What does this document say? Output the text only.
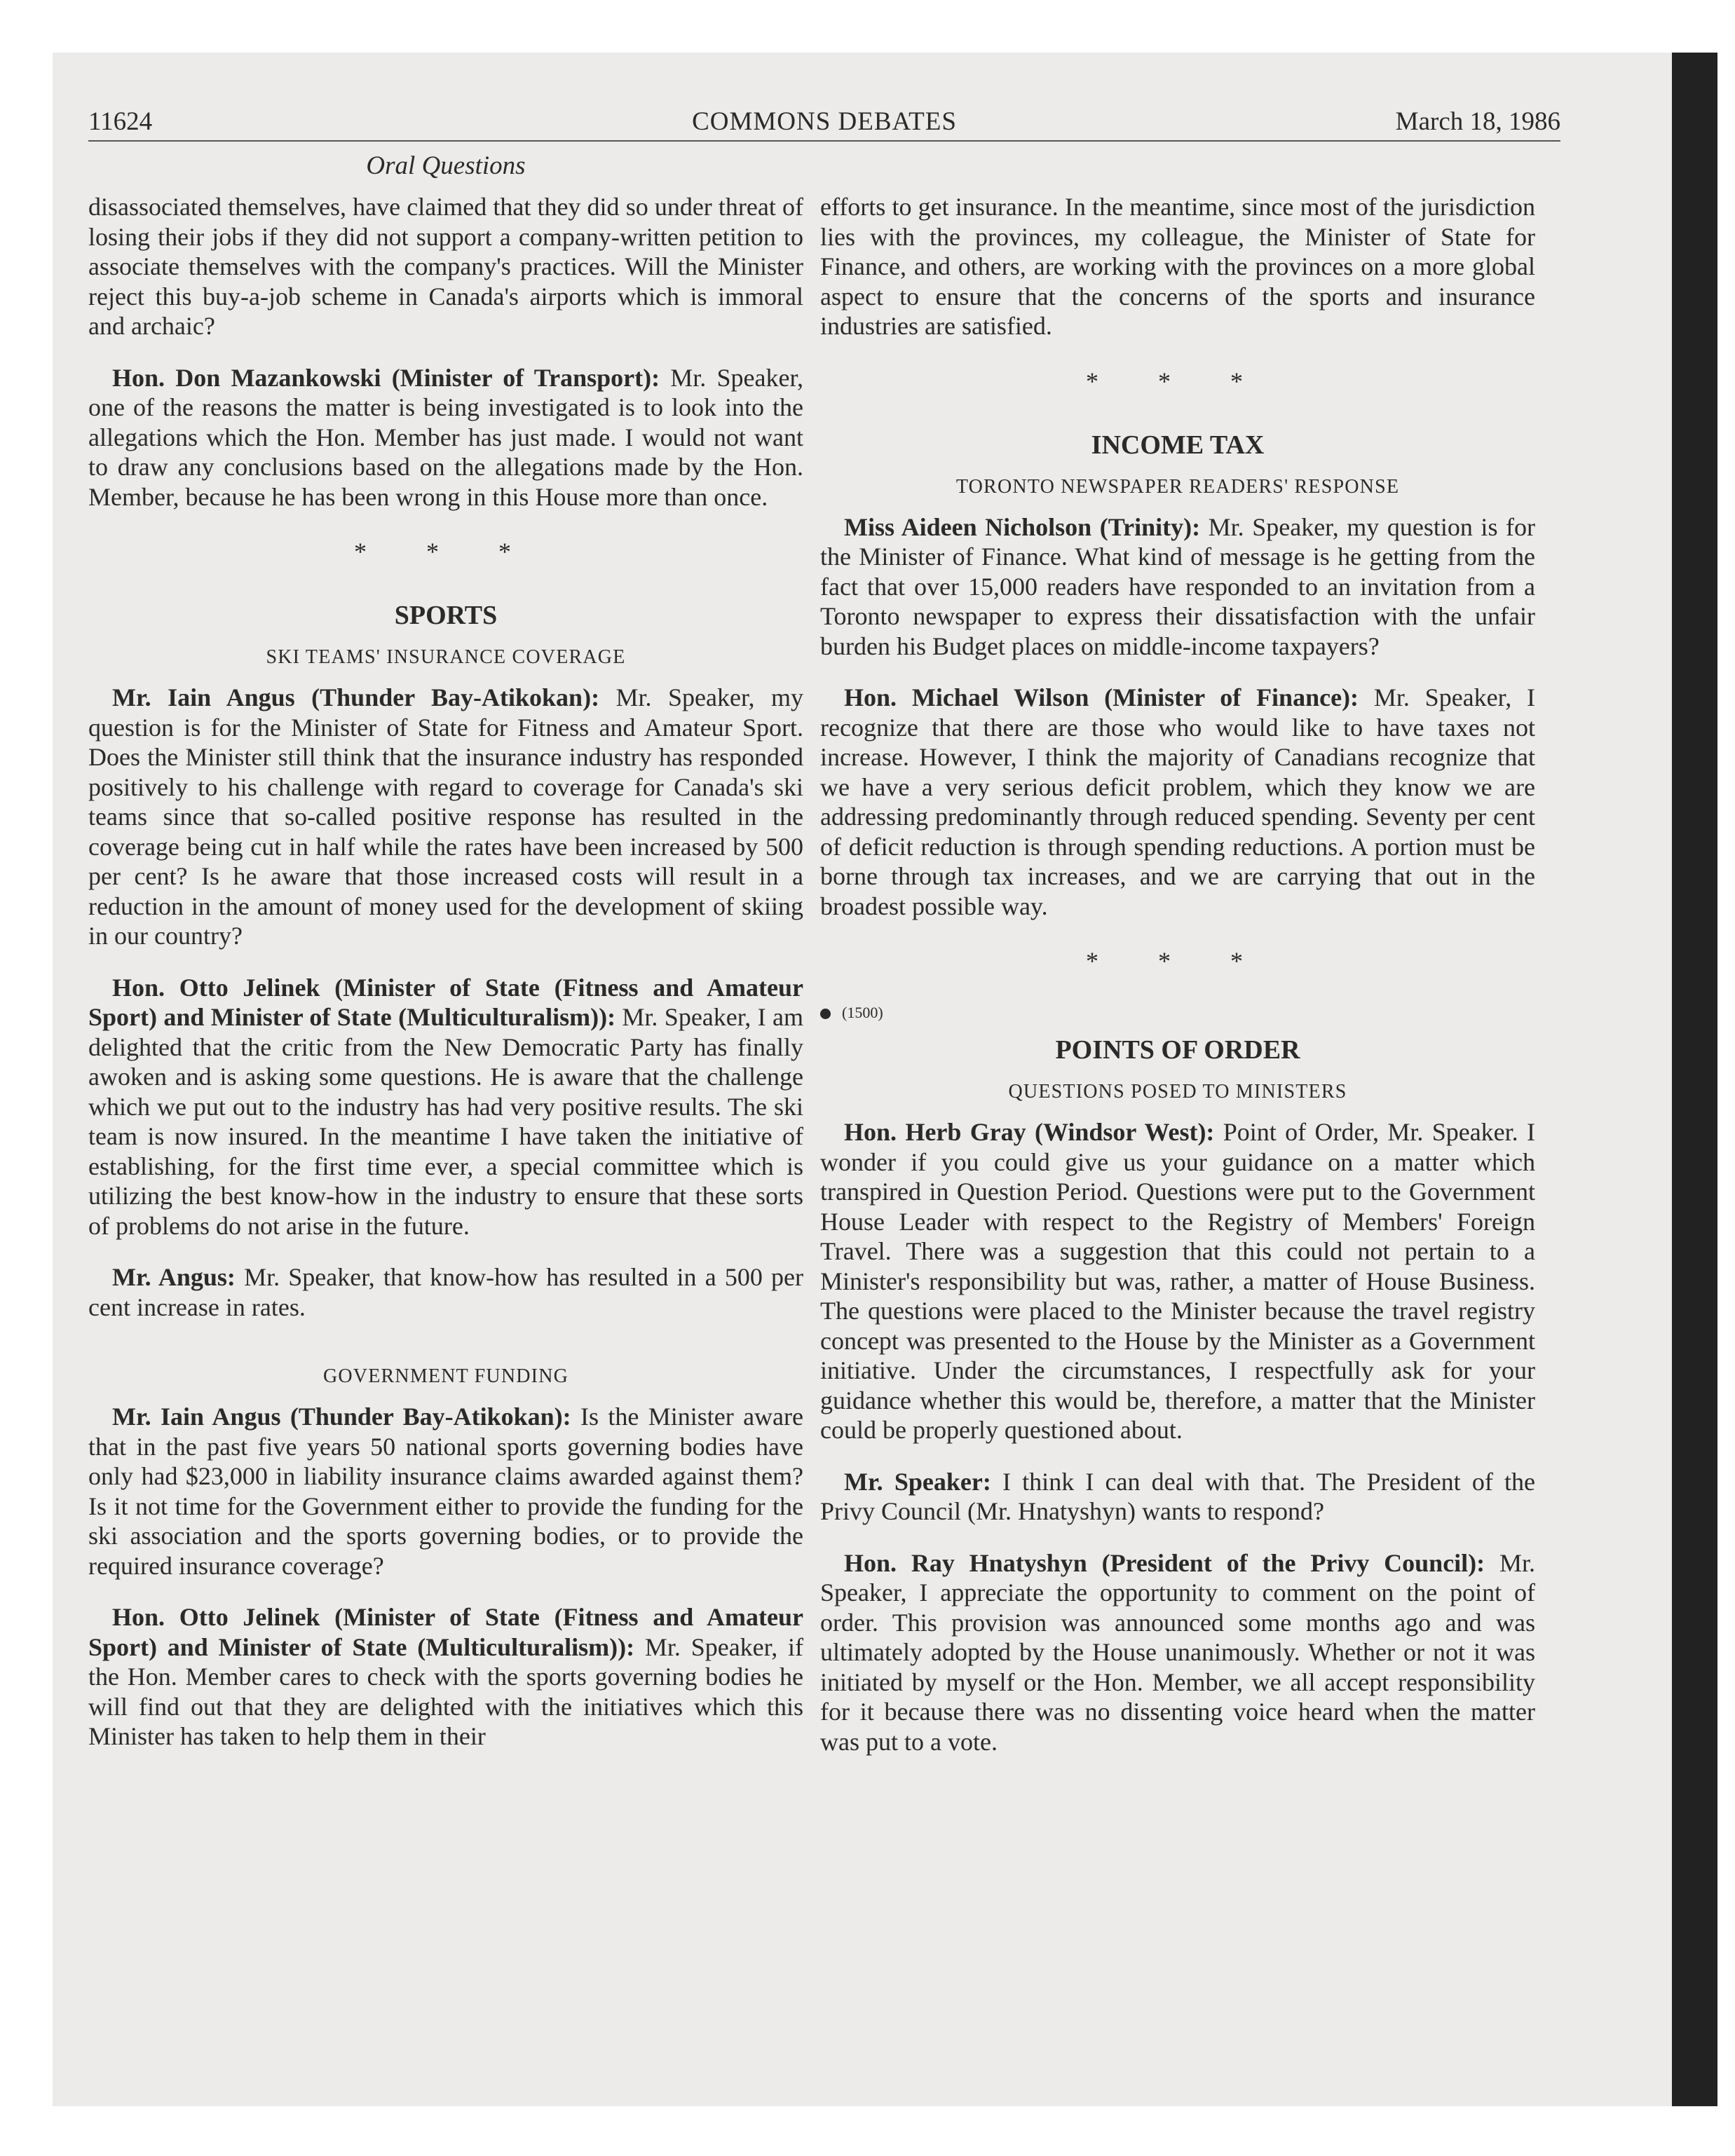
11624	COMMONS DEBATES	March 18, 1986
Oral Questions

disassociated themselves, have claimed that they did so under threat of losing their jobs if they did not support a company-written petition to associate themselves with the company's practices. Will the Minister reject this buy-a-job scheme in Canada's airports which is immoral and archaic?

Hon. Don Mazankowski (Minister of Transport): Mr. Speaker, one of the reasons the matter is being investigated is to look into the allegations which the Hon. Member has just made. I would not want to draw any conclusions based on the allegations made by the Hon. Member, because he has been wrong in this House more than once.

* * *
SPORTS
SKI TEAMS' INSURANCE COVERAGE

Mr. Iain Angus (Thunder Bay-Atikokan): Mr. Speaker, my question is for the Minister of State for Fitness and Amateur Sport. Does the Minister still think that the insurance industry has responded positively to his challenge with regard to coverage for Canada's ski teams since that so-called positive response has resulted in the coverage being cut in half while the rates have been increased by 500 per cent? Is he aware that those increased costs will result in a reduction in the amount of money used for the development of skiing in our country?

Hon. Otto Jelinek (Minister of State (Fitness and Amateur Sport) and Minister of State (Multiculturalism)): Mr. Speaker, I am delighted that the critic from the New Democratic Party has finally awoken and is asking some questions. He is aware that the challenge which we put out to the industry has had very positive results. The ski team is now insured. In the meantime I have taken the initiative of establishing, for the first time ever, a special committee which is utilizing the best know-how in the industry to ensure that these sorts of problems do not arise in the future.

Mr. Angus: Mr. Speaker, that know-how has resulted in a 500 per cent increase in rates.

GOVERNMENT FUNDING

Mr. Iain Angus (Thunder Bay-Atikokan): Is the Minister aware that in the past five years 50 national sports governing bodies have only had $23,000 in liability insurance claims awarded against them? Is it not time for the Government either to provide the funding for the ski association and the sports governing bodies, or to provide the required insurance coverage?

Hon. Otto Jelinek (Minister of State (Fitness and Amateur Sport) and Minister of State (Multiculturalism)): Mr. Speaker, if the Hon. Member cares to check with the sports governing bodies he will find out that they are delighted with the initiatives which this Minister has taken to help them in their

efforts to get insurance. In the meantime, since most of the jurisdiction lies with the provinces, my colleague, the Minister of State for Finance, and others, are working with the provinces on a more global aspect to ensure that the concerns of the sports and insurance industries are satisfied.

* * *
INCOME TAX
TORONTO NEWSPAPER READERS' RESPONSE

Miss Aideen Nicholson (Trinity): Mr. Speaker, my question is for the Minister of Finance. What kind of message is he getting from the fact that over 15,000 readers have responded to an invitation from a Toronto newspaper to express their dissatisfaction with the unfair burden his Budget places on middle-income taxpayers?

Hon. Michael Wilson (Minister of Finance): Mr. Speaker, I recognize that there are those who would like to have taxes not increase. However, I think the majority of Canadians recognize that we have a very serious deficit problem, which they know we are addressing predominantly through reduced spending. Seventy per cent of deficit reduction is through spending reductions. A portion must be borne through tax increases, and we are carrying that out in the broadest possible way.

* * *
(1500)
POINTS OF ORDER
QUESTIONS POSED TO MINISTERS

Hon. Herb Gray (Windsor West): Point of Order, Mr. Speaker. I wonder if you could give us your guidance on a matter which transpired in Question Period. Questions were put to the Government House Leader with respect to the Registry of Members' Foreign Travel. There was a suggestion that this could not pertain to a Minister's responsibility but was, rather, a matter of House Business. The questions were placed to the Minister because the travel registry concept was presented to the House by the Minister as a Government initiative. Under the circumstances, I respectfully ask for your guidance whether this would be, therefore, a matter that the Minister could be properly questioned about.

Mr. Speaker: I think I can deal with that. The President of the Privy Council (Mr. Hnatyshyn) wants to respond?

Hon. Ray Hnatyshyn (President of the Privy Council): Mr. Speaker, I appreciate the opportunity to comment on the point of order. This provision was announced some months ago and was ultimately adopted by the House unanimously. Whether or not it was initiated by myself or the Hon. Member, we all accept responsibility for it because there was no dissenting voice heard when the matter was put to a vote.
